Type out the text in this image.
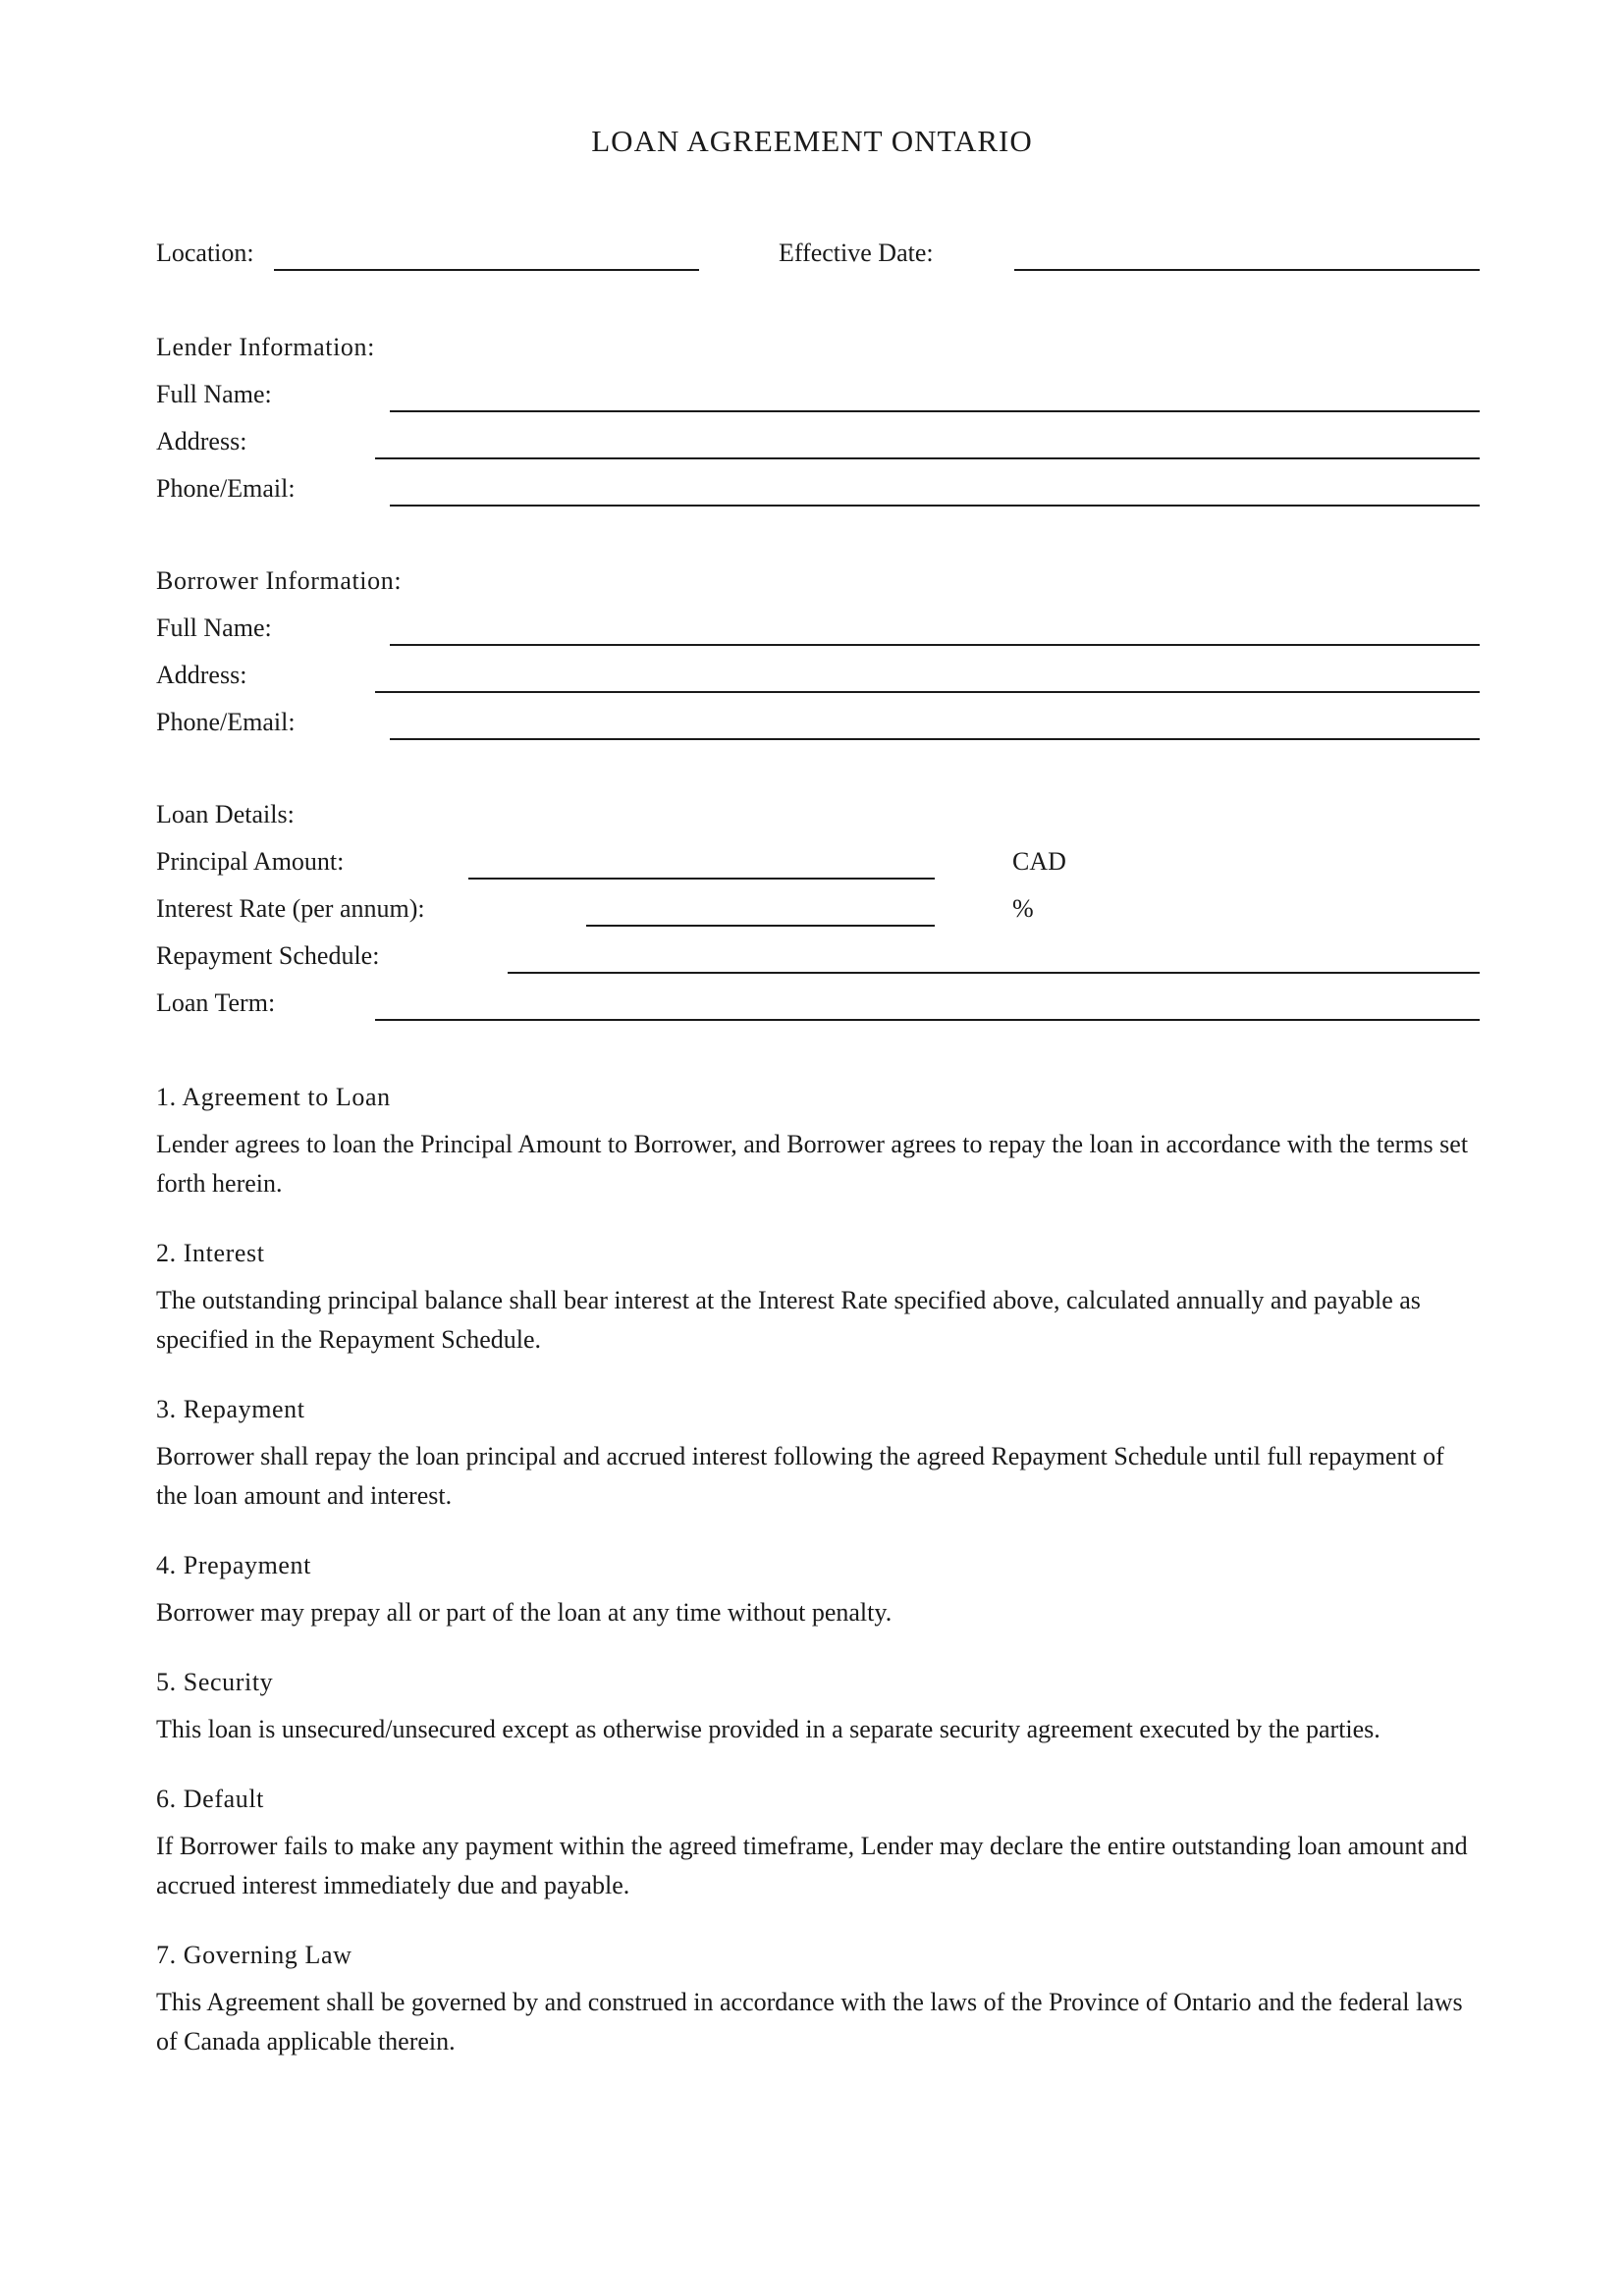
LOAN AGREEMENT ONTARIO
Location:	Effective Date:
Lender Information:
Full Name:
Address:
Phone/Email:
Borrower Information:
Full Name:
Address:
Phone/Email:
Loan Details:
Principal Amount:	CAD
Interest Rate (per annum):	%
Repayment Schedule:
Loan Term:
1. Agreement to Loan
Lender agrees to loan the Principal Amount to Borrower, and Borrower agrees to repay the loan in accordance with the terms set forth herein.
2. Interest
The outstanding principal balance shall bear interest at the Interest Rate specified above, calculated annually and payable as specified in the Repayment Schedule.
3. Repayment
Borrower shall repay the loan principal and accrued interest following the agreed Repayment Schedule until full repayment of the loan amount and interest.
4. Prepayment
Borrower may prepay all or part of the loan at any time without penalty.
5. Security
This loan is unsecured/unsecured except as otherwise provided in a separate security agreement executed by the parties.
6. Default
If Borrower fails to make any payment within the agreed timeframe, Lender may declare the entire outstanding loan amount and accrued interest immediately due and payable.
7. Governing Law
This Agreement shall be governed by and construed in accordance with the laws of the Province of Ontario and the federal laws of Canada applicable therein.
